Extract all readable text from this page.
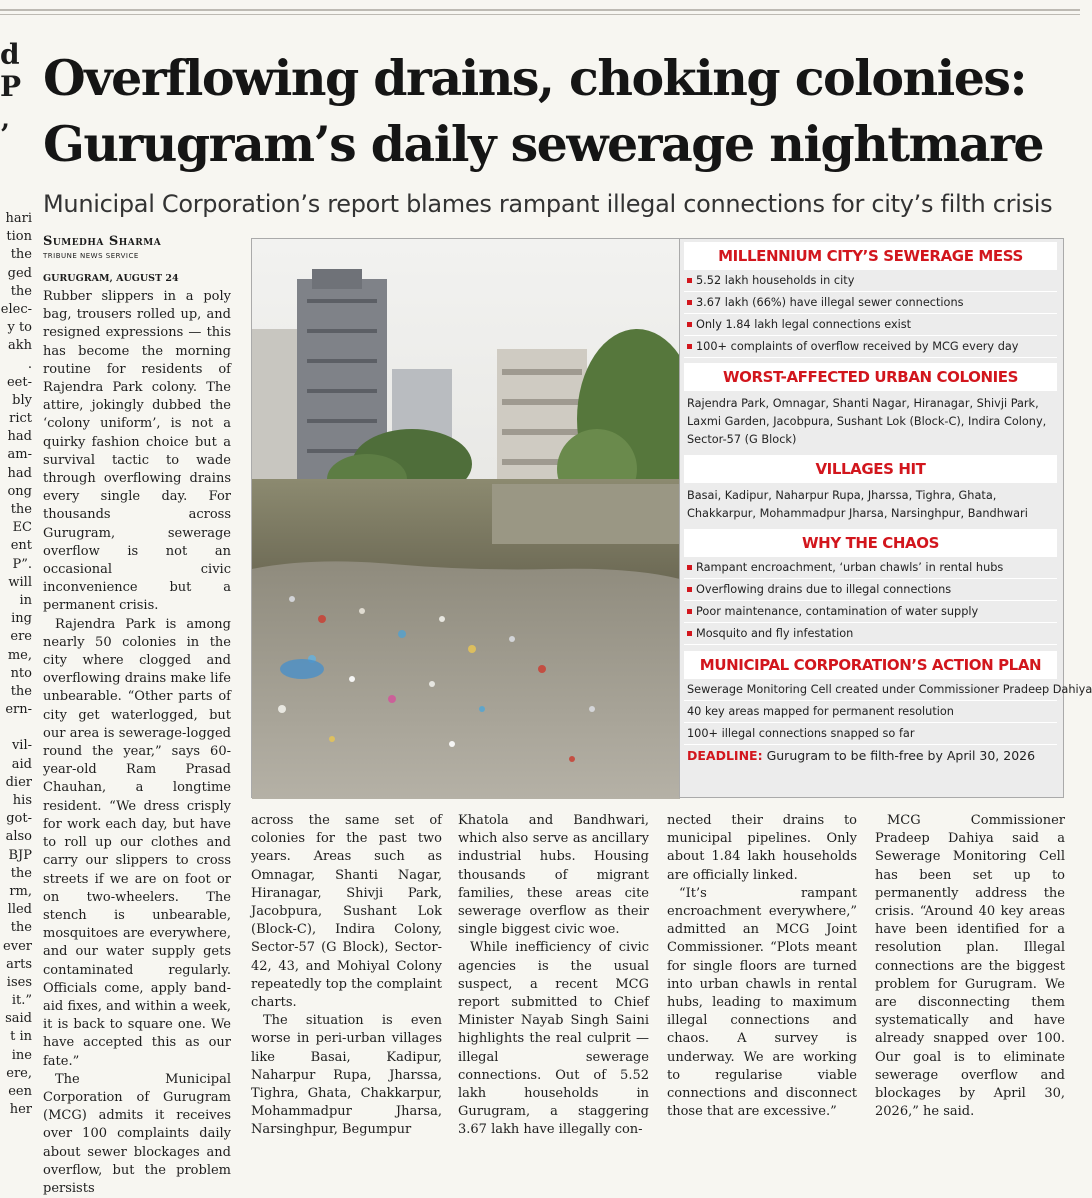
d
P
’
hari
tion
the
ged
the
elec-
y to
akh
.
eet-
bly
rict
had
am-
had
ong
the
EC
ent
P”.
will
in
ing
ere
me,
nto
the
ern-
vil-
aid
dier
his
got-
also
BJP
the
rm,
lled
the
ever
arts
ises
it.”
said
t in
ine
ere,
een
her
Overflowing drains, choking colonies:
Gurugram’s daily sewerage nightmare
Municipal Corporation’s report blames rampant illegal connections for city’s filth crisis
Sumedha Sharma
TRIBUNE NEWS SERVICE
GURUGRAM, AUGUST 24

Rubber slippers in a poly bag, trousers rolled up, and resigned expressions — this has become the morning routine for residents of Rajendra Park colony. The attire, jokingly dubbed the ‘colony uniform’, is not a quirky fashion choice but a survival tactic to wade through overflowing drains every single day. For thousands across Gurugram, sewerage overflow is not an occasional civic inconvenience but a permanent crisis.

Rajendra Park is among nearly 50 colonies in the city where clogged and overflowing drains make life unbearable. “Other parts of city get waterlogged, but our area is sewerage-logged round the year,” says 60-year-old Ram Prasad Chauhan, a longtime resident. “We dress crisply for work each day, but have to roll up our clothes and carry our slippers to cross streets if we are on foot or on two-wheelers. The stench is unbearable, mosquitoes are everywhere, and our water supply gets contaminated regularly. Officials come, apply band-aid fixes, and within a week, it is back to square one. We have accepted this as our fate.”

The Municipal Corporation of Gurugram (MCG) admits it receives over 100 complaints daily about sewer blockages and overflow, but the problem persists

MILLENNIUM CITY’S SEWERAGE MESS
5.52 lakh households in city
3.67 lakh (66%) have illegal sewer connections
Only 1.84 lakh legal connections exist
100+ complaints of overflow received by MCG every day
WORST-AFFECTED URBAN COLONIES
Rajendra Park, Omnagar, Shanti Nagar, Hiranagar, Shivji Park, Laxmi Garden, Jacobpura, Sushant Lok (Block-C), Indira Colony, Sector-57 (G Block)
VILLAGES HIT
Basai, Kadipur, Naharpur Rupa, Jharssa, Tighra, Ghata, Chakkarpur, Mohammadpur Jharsa, Narsinghpur, Bandhwari
WHY THE CHAOS
Rampant encroachment, ‘urban chawls’ in rental hubs
Overflowing drains due to illegal connections
Poor maintenance, contamination of water supply
Mosquito and fly infestation
MUNICIPAL CORPORATION’S ACTION PLAN
Sewerage Monitoring Cell created under Commissioner Pradeep Dahiya
40 key areas mapped for permanent resolution
100+ illegal connections snapped so far
DEADLINE: Gurugram to be filth-free by April 30, 2026

across the same set of colonies for the past two years. Areas such as Omnagar, Shanti Nagar, Hiranagar, Shivji Park, Jacobpura, Sushant Lok (Block-C), Indira Colony, Sector-57 (G Block), Sector-42, 43, and Mohiyal Colony repeatedly top the complaint charts.

The situation is even worse in peri-urban villages like Basai, Kadipur, Naharpur Rupa, Jharssa, Tighra, Ghata, Chakkarpur, Mohammadpur Jharsa, Narsinghpur, Begumpur

Khatola and Bandhwari, which also serve as ancillary industrial hubs. Housing thousands of migrant families, these areas cite sewerage overflow as their single biggest civic woe.

While inefficiency of civic agencies is the usual suspect, a recent MCG report submitted to Chief Minister Nayab Singh Saini highlights the real culprit —illegal sewerage connections. Out of 5.52 lakh households in Gurugram, a staggering 3.67 lakh have illegally con-

nected their drains to municipal pipelines. Only about 1.84 lakh households are officially linked.

“It’s rampant encroachment everywhere,” admitted an MCG Joint Commissioner. “Plots meant for single floors are turned into urban chawls in rental hubs, leading to maximum illegal connections and chaos. A survey is underway. We are working to regularise viable connections and disconnect those that are excessive.”

MCG Commissioner Pradeep Dahiya said a Sewerage Monitoring Cell has been set up to permanently address the crisis. “Around 40 key areas have been identified for a resolution plan. Illegal connections are the biggest problem for Gurugram. We are disconnecting them systematically and have already snapped over 100. Our goal is to eliminate sewerage overflow and blockages by April 30, 2026,” he said.
